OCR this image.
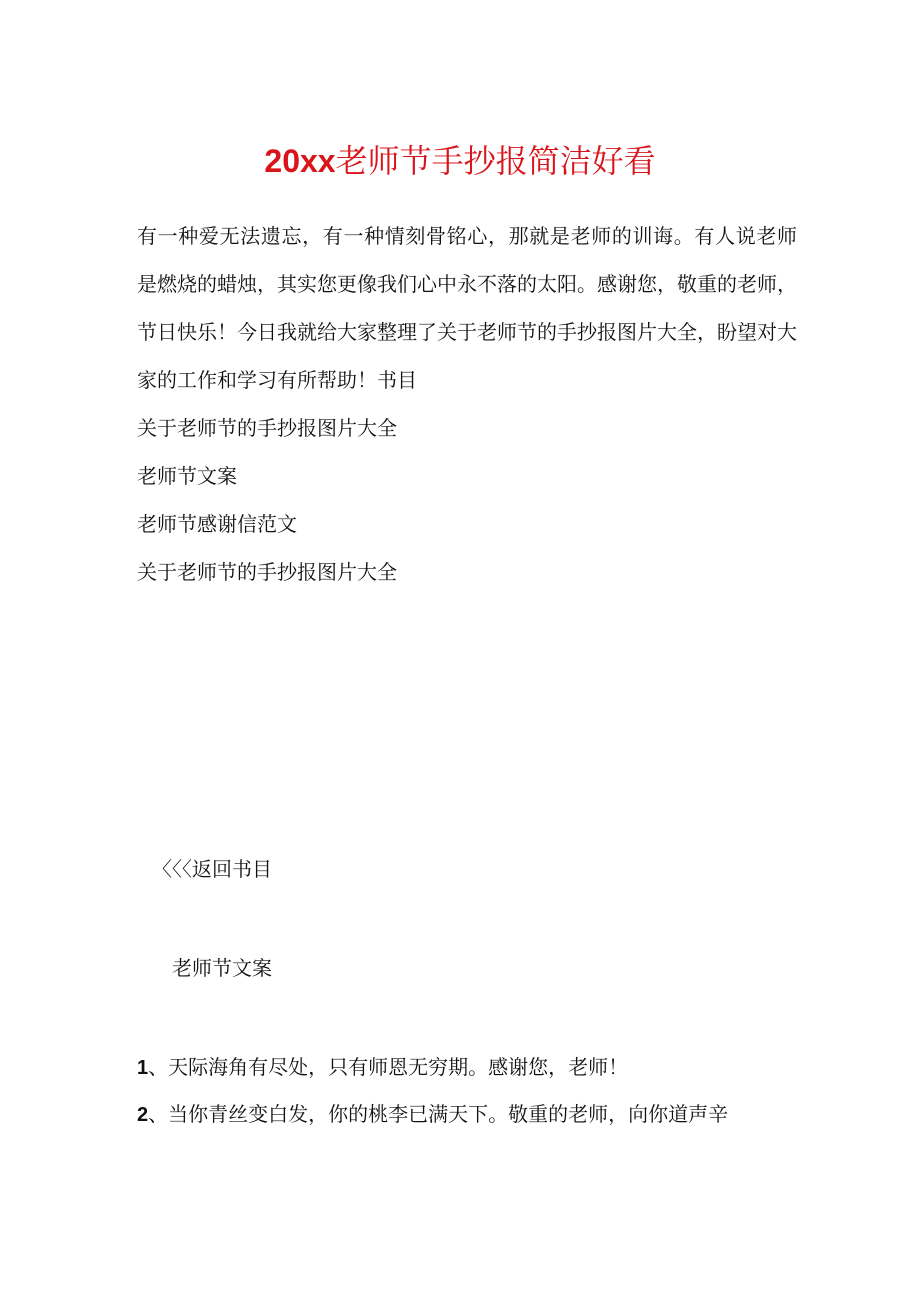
20xx老师节手抄报简洁好看
有一种爱无法遗忘，有一种情刻骨铭心，那就是老师的训诲。有人说老师
是燃烧的蜡烛，其实您更像我们心中永不落的太阳。感谢您，敬重的老师，
节日快乐！今日我就给大家整理了关于老师节的手抄报图片大全，盼望对大
家的工作和学习有所帮助！书目
关于老师节的手抄报图片大全
老师节文案
老师节感谢信范文
关于老师节的手抄报图片大全
〈〈〈返回书目
老师节文案
1、天际海角有尽处，只有师恩无穷期。感谢您，老师！
2、当你青丝变白发，你的桃李已满天下。敬重的老师，向你道声辛
